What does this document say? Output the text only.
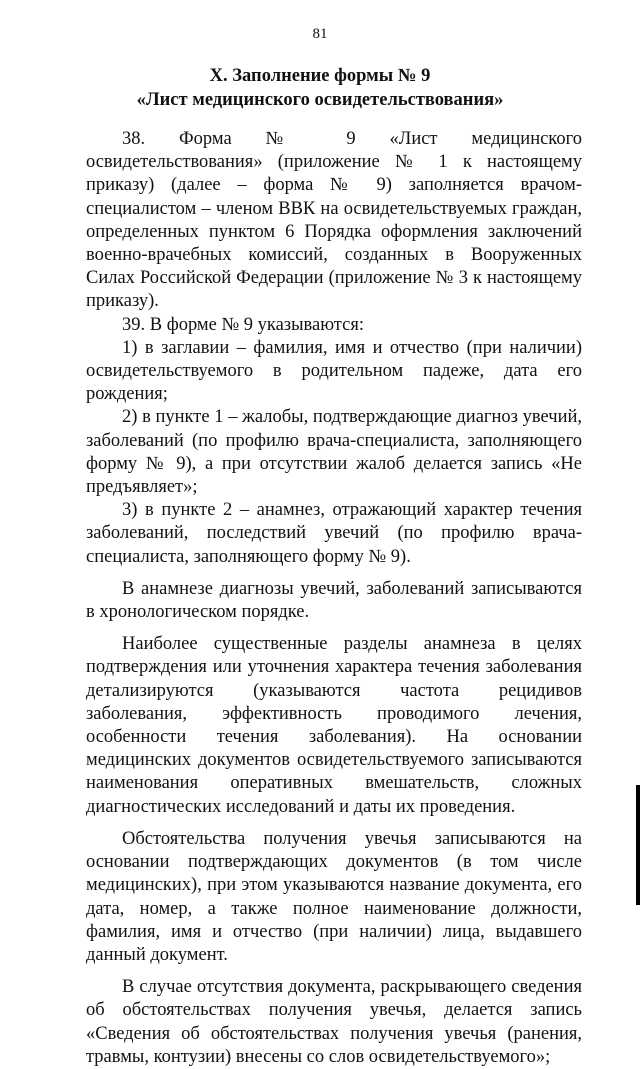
81
X. Заполнение формы № 9
«Лист медицинского освидетельствования»

38. Форма № 9 «Лист медицинского освидетельствования» (приложение № 1 к настоящему приказу) (далее – форма № 9) заполняется врачом-специалистом – членом ВВК на освидетельствуемых граждан, определенных пунктом 6 Порядка оформления заключений военно-врачебных комиссий, созданных в Вооруженных Силах Российской Федерации (приложение № 3 к настоящему приказу).

39. В форме № 9 указываются:

1) в заглавии – фамилия, имя и отчество (при наличии) освидетельствуемого в родительном падеже, дата его рождения;

2) в пункте 1 – жалобы, подтверждающие диагноз увечий, заболеваний (по профилю врача-специалиста, заполняющего форму № 9), а при отсутствии жалоб делается запись «Не предъявляет»;

3) в пункте 2 – анамнез, отражающий характер течения заболеваний, последствий увечий (по профилю врача-специалиста, заполняющего форму № 9).

В анамнезе диагнозы увечий, заболеваний записываются в хронологическом порядке.

Наиболее существенные разделы анамнеза в целях подтверждения или уточнения характера течения заболевания детализируются (указываются частота рецидивов заболевания, эффективность проводимого лечения, особенности течения заболевания). На основании медицинских документов освидетельствуемого записываются наименования оперативных вмешательств, сложных диагностических исследований и даты их проведения.

Обстоятельства получения увечья записываются на основании подтверждающих документов (в том числе медицинских), при этом указываются название документа, его дата, номер, а также полное наименование должности, фамилия, имя и отчество (при наличии) лица, выдавшего данный документ.

В случае отсутствия документа, раскрывающего сведения об обстоятельствах получения увечья, делается запись «Сведения об обстоятельствах получения увечья (ранения, травмы, контузии) внесены со слов освидетельствуемого»;
